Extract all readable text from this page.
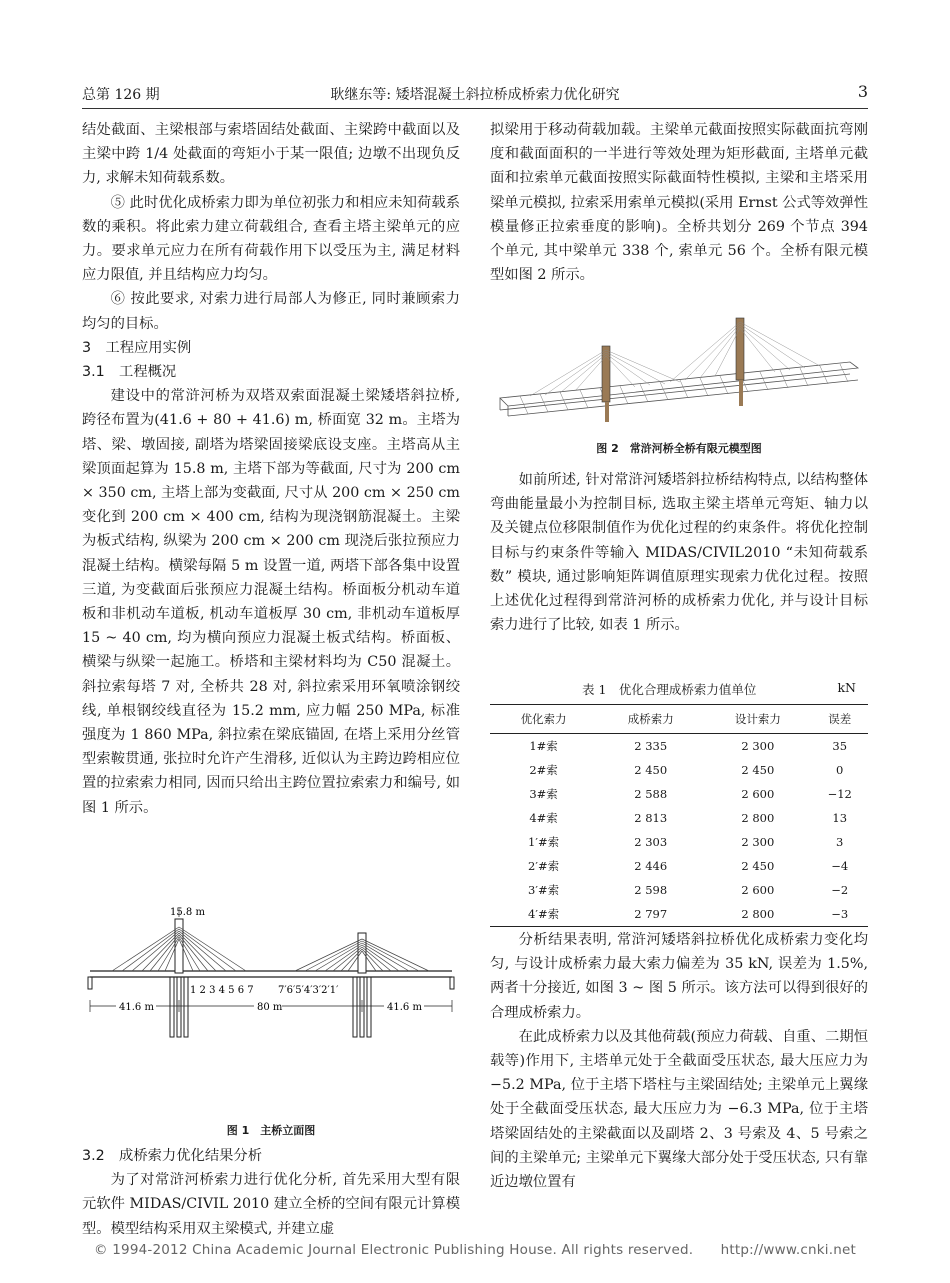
总第 126 期	耿继东等: 矮塔混凝土斜拉桥成桥索力优化研究	3

结处截面、主梁根部与索塔固结处截面、主梁跨中截面以及主梁中跨 1/4 处截面的弯矩小于某一限值; 边墩不出现负反力, 求解未知荷载系数。

⑤ 此时优化成桥索力即为单位初张力和相应未知荷载系数的乘积。将此索力建立荷载组合, 查看主塔主梁单元的应力。要求单元应力在所有荷载作用下以受压为主, 满足材料应力限值, 并且结构应力均匀。

⑥ 按此要求, 对索力进行局部人为修正, 同时兼顾索力均匀的目标。

3　工程应用实例
3.1　工程概况

建设中的常浒河桥为双塔双索面混凝土梁矮塔斜拉桥, 跨径布置为(41.6 + 80 + 41.6) m, 桥面宽 32 m。主塔为塔、梁、墩固接, 副塔为塔梁固接梁底设支座。主塔高从主梁顶面起算为 15.8 m, 主塔下部为等截面, 尺寸为 200 cm × 350 cm, 主塔上部为变截面, 尺寸从 200 cm × 250 cm 变化到 200 cm × 400 cm, 结构为现浇钢筋混凝土。主梁为板式结构, 纵梁为 200 cm × 200 cm 现浇后张拉预应力混凝土结构。横梁每隔 5 m 设置一道, 两塔下部各集中设置三道, 为变截面后张预应力混凝土结构。桥面板分机动车道板和非机动车道板, 机动车道板厚 30 cm, 非机动车道板厚 15 ~ 40 cm, 均为横向预应力混凝土板式结构。桥面板、横梁与纵梁一起施工。桥塔和主梁材料均为 C50 混凝土。斜拉索每塔 7 对, 全桥共 28 对, 斜拉索采用环氧喷涂钢绞线, 单根钢绞线直径为 15.2 mm, 应力幅 250 MPa, 标准强度为 1 860 MPa, 斜拉索在梁底锚固, 在塔上采用分丝管型索鞍贯通, 张拉时允许产生滑移, 近似认为主跨边跨相应位置的拉索索力相同, 因而只给出主跨位置拉索索力和编号, 如图 1 所示。

15.8 m
1 2 3 4 5 6 7 7′6′5′4′3′2′1′
41.6 m	80 m	41.6 m
图 1　主桥立面图
3.2　成桥索力优化结果分析

为了对常浒河桥索力进行优化分析, 首先采用大型有限元软件 MIDAS/CIVIL 2010 建立全桥的空间有限元计算模型。模型结构采用双主梁模式, 并建立虚

拟梁用于移动荷载加载。主梁单元截面按照实际截面抗弯刚度和截面面积的一半进行等效处理为矩形截面, 主塔单元截面和拉索单元截面按照实际截面特性模拟, 主梁和主塔采用梁单元模拟, 拉索采用索单元模拟(采用 Ernst 公式等效弹性模量修正拉索垂度的影响)。全桥共划分 269 个节点 394 个单元, 其中梁单元 338 个, 索单元 56 个。全桥有限元模型如图 2 所示。

图 2　常浒河桥全桥有限元模型图

如前所述, 针对常浒河矮塔斜拉桥结构特点, 以结构整体弯曲能量最小为控制目标, 选取主梁主塔单元弯矩、轴力以及关键点位移限制值作为优化过程的约束条件。将优化控制目标与约束条件等输入 MIDAS/CIVIL2010 “未知荷载系数” 模块, 通过影响矩阵调值原理实现索力优化过程。按照上述优化过程得到常浒河桥的成桥索力优化, 并与设计目标索力进行了比较, 如表 1 所示。

表 1　优化合理成桥索力值单位	kN
优化索力	成桥索力	设计索力	误差
1#索	2 335	2 300	35
2#索	2 450	2 450	0
3#索	2 588	2 600	−12
4#索	2 813	2 800	13
1′#索	2 303	2 300	3
2′#索	2 446	2 450	−4
3′#索	2 598	2 600	−2
4′#索	2 797	2 800	−3

分析结果表明, 常浒河矮塔斜拉桥优化成桥索力变化均匀, 与设计成桥索力最大索力偏差为 35 kN, 误差为 1.5%, 两者十分接近, 如图 3 ~ 图 5 所示。该方法可以得到很好的合理成桥索力。

在此成桥索力以及其他荷载(预应力荷载、自重、二期恒载等)作用下, 主塔单元处于全截面受压状态, 最大压应力为 −5.2 MPa, 位于主塔下塔柱与主梁固结处; 主梁单元上翼缘处于全截面受压状态, 最大压应力为 −6.3 MPa, 位于主塔塔梁固结处的主梁截面以及副塔 2、3 号索及 4、5 号索之间的主梁单元; 主梁单元下翼缘大部分处于受压状态, 只有靠近边墩位置有

© 1994-2012 China Academic Journal Electronic Publishing House. All rights reserved.　　http://www.cnki.net
